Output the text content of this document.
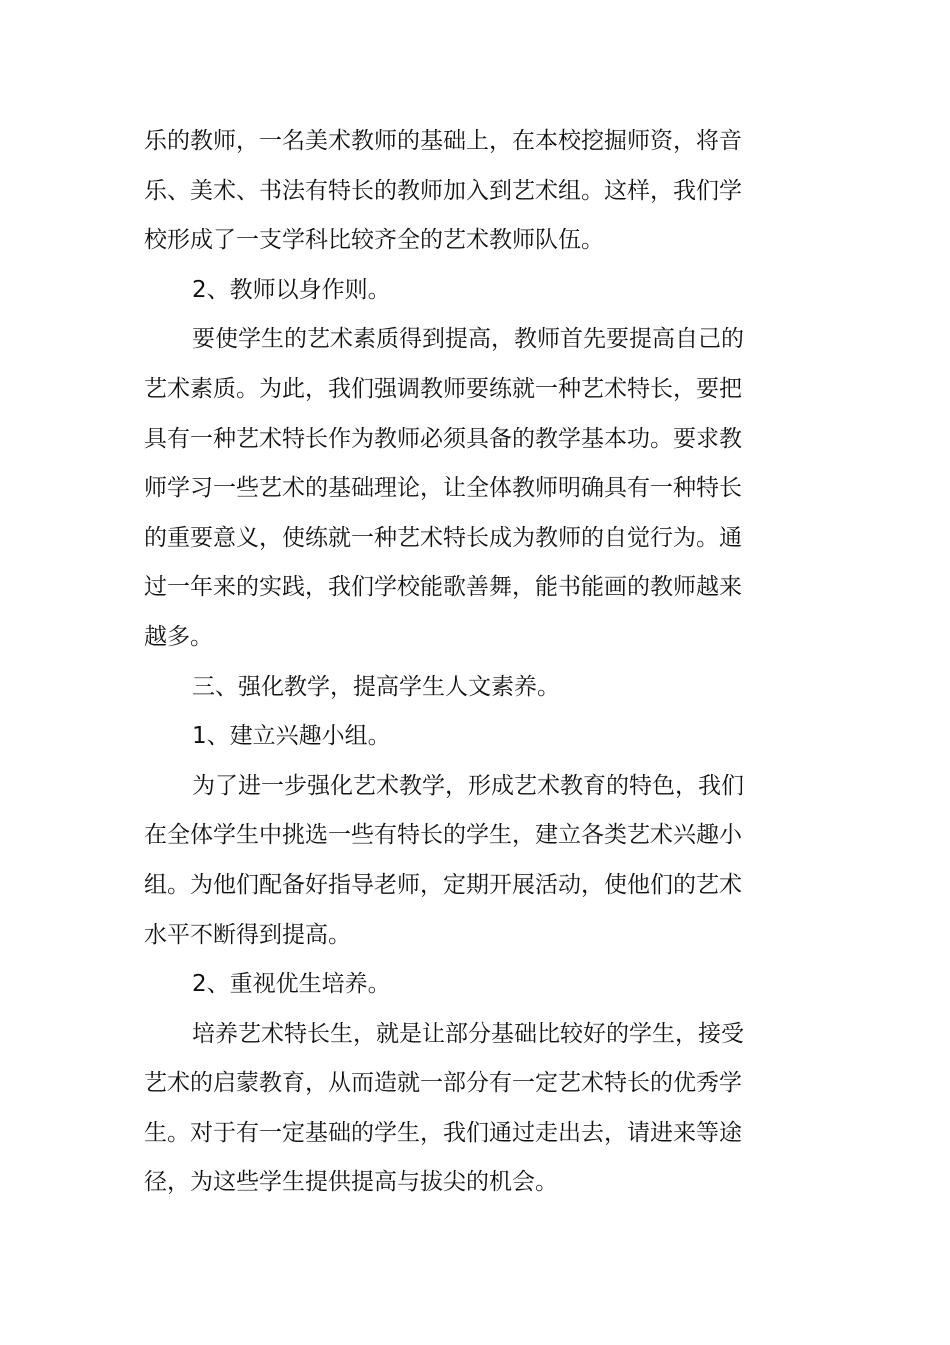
乐的教师，一名美术教师的基础上，在本校挖掘师资，将音
乐、美术、书法有特长的教师加入到艺术组。这样，我们学
校形成了一支学科比较齐全的艺术教师队伍。
2、教师以身作则。
要使学生的艺术素质得到提高，教师首先要提高自己的
艺术素质。为此，我们强调教师要练就一种艺术特长，要把
具有一种艺术特长作为教师必须具备的教学基本功。要求教
师学习一些艺术的基础理论，让全体教师明确具有一种特长
的重要意义，使练就一种艺术特长成为教师的自觉行为。通
过一年来的实践，我们学校能歌善舞，能书能画的教师越来
越多。
三、强化教学，提高学生人文素养。
1、建立兴趣小组。
为了进一步强化艺术教学，形成艺术教育的特色，我们
在全体学生中挑选一些有特长的学生，建立各类艺术兴趣小
组。为他们配备好指导老师，定期开展活动，使他们的艺术
水平不断得到提高。
2、重视优生培养。
培养艺术特长生，就是让部分基础比较好的学生，接受
艺术的启蒙教育，从而造就一部分有一定艺术特长的优秀学
生。对于有一定基础的学生，我们通过走出去，请进来等途
径，为这些学生提供提高与拔尖的机会。
